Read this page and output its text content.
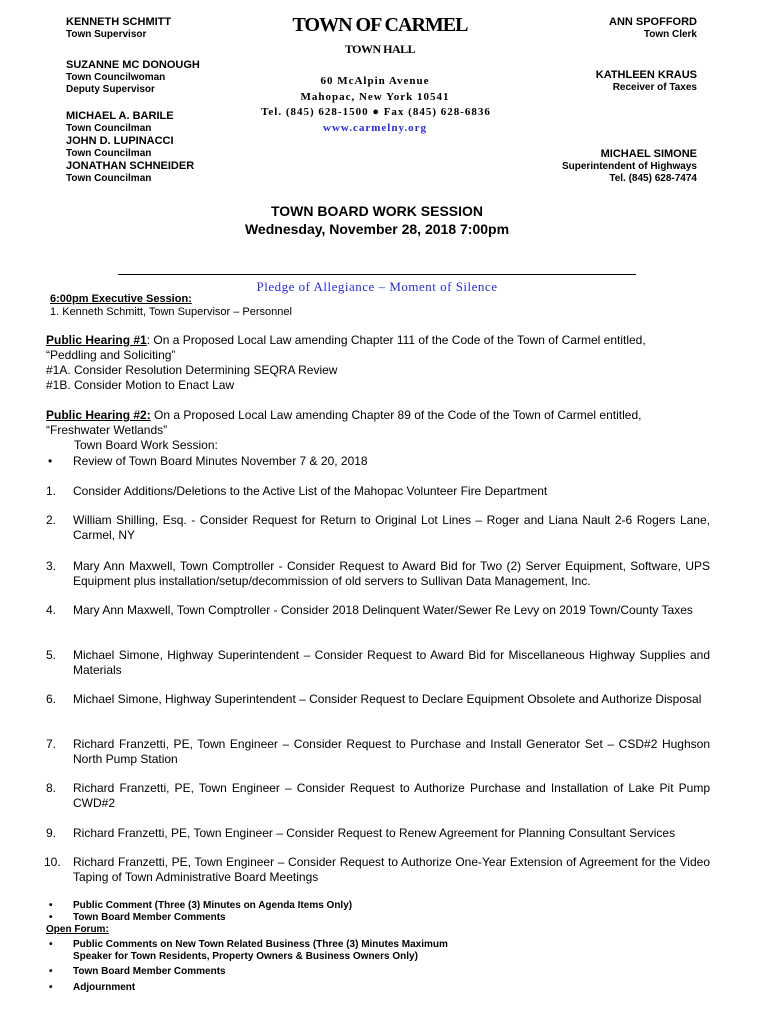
KENNETH SCHMITT
Town Supervisor
SUZANNE MC DONOUGH
Town Councilwoman
Deputy Supervisor
MICHAEL A. BARILE
Town Councilman
JOHN D. LUPINACCI
Town Councilman
JONATHAN SCHNEIDER
Town Councilman
TOWN OF CARMEL
TOWN HALL
60 McAlpin Avenue
Mahopac, New York 10541
Tel. (845) 628-1500 ● Fax (845) 628-6836
www.carmelny.org
ANN SPOFFORD
Town Clerk
KATHLEEN KRAUS
Receiver of Taxes
MICHAEL SIMONE
Superintendent of Highways
Tel. (845) 628-7474
TOWN BOARD WORK SESSION
Wednesday, November 28, 2018 7:00pm
Pledge of Allegiance – Moment of Silence
6:00pm Executive Session:
1. Kenneth Schmitt, Town Supervisor – Personnel
Public Hearing #1: On a Proposed Local Law amending Chapter 111 of the Code of the Town of Carmel entitled,
“Peddling and Soliciting”
#1A. Consider Resolution Determining SEQRA Review
#1B. Consider Motion to Enact Law
Public Hearing #2: On a Proposed Local Law amending Chapter 89 of the Code of the Town of Carmel entitled,
“Freshwater Wetlands”
Town Board Work Session:
•	Review of Town Board Minutes November 7 & 20, 2018
1.	Consider Additions/Deletions to the Active List of the Mahopac Volunteer Fire Department
2.	William Shilling, Esq. - Consider Request for Return to Original Lot Lines – Roger and Liana Nault 2-6 Rogers Lane, Carmel, NY
3.	Mary Ann Maxwell, Town Comptroller - Consider Request to Award Bid for Two (2) Server Equipment, Software, UPS Equipment plus installation/setup/decommission of old servers to Sullivan Data Management, Inc.
4.	Mary Ann Maxwell, Town Comptroller - Consider 2018 Delinquent Water/Sewer Re Levy on 2019 Town/County Taxes
5.	Michael Simone, Highway Superintendent – Consider Request to Award Bid for Miscellaneous Highway Supplies and Materials
6.	Michael Simone, Highway Superintendent – Consider Request to Declare Equipment Obsolete and Authorize Disposal
7.	Richard Franzetti, PE, Town Engineer – Consider Request to Purchase and Install Generator Set – CSD#2 Hughson North Pump Station
8.	Richard Franzetti, PE, Town Engineer – Consider Request to Authorize Purchase and Installation of Lake Pit Pump CWD#2
9.	Richard Franzetti, PE, Town Engineer – Consider Request to Renew Agreement for Planning Consultant Services
10.	Richard Franzetti, PE, Town Engineer – Consider Request to Authorize One-Year Extension of Agreement for the Video Taping of Town Administrative Board Meetings
• Public Comment (Three (3) Minutes on Agenda Items Only)
• Town Board Member Comments
Open Forum:
• Public Comments on New Town Related Business (Three (3) Minutes Maximum
Speaker for Town Residents, Property Owners & Business Owners Only)
• Town Board Member Comments
• Adjournment
